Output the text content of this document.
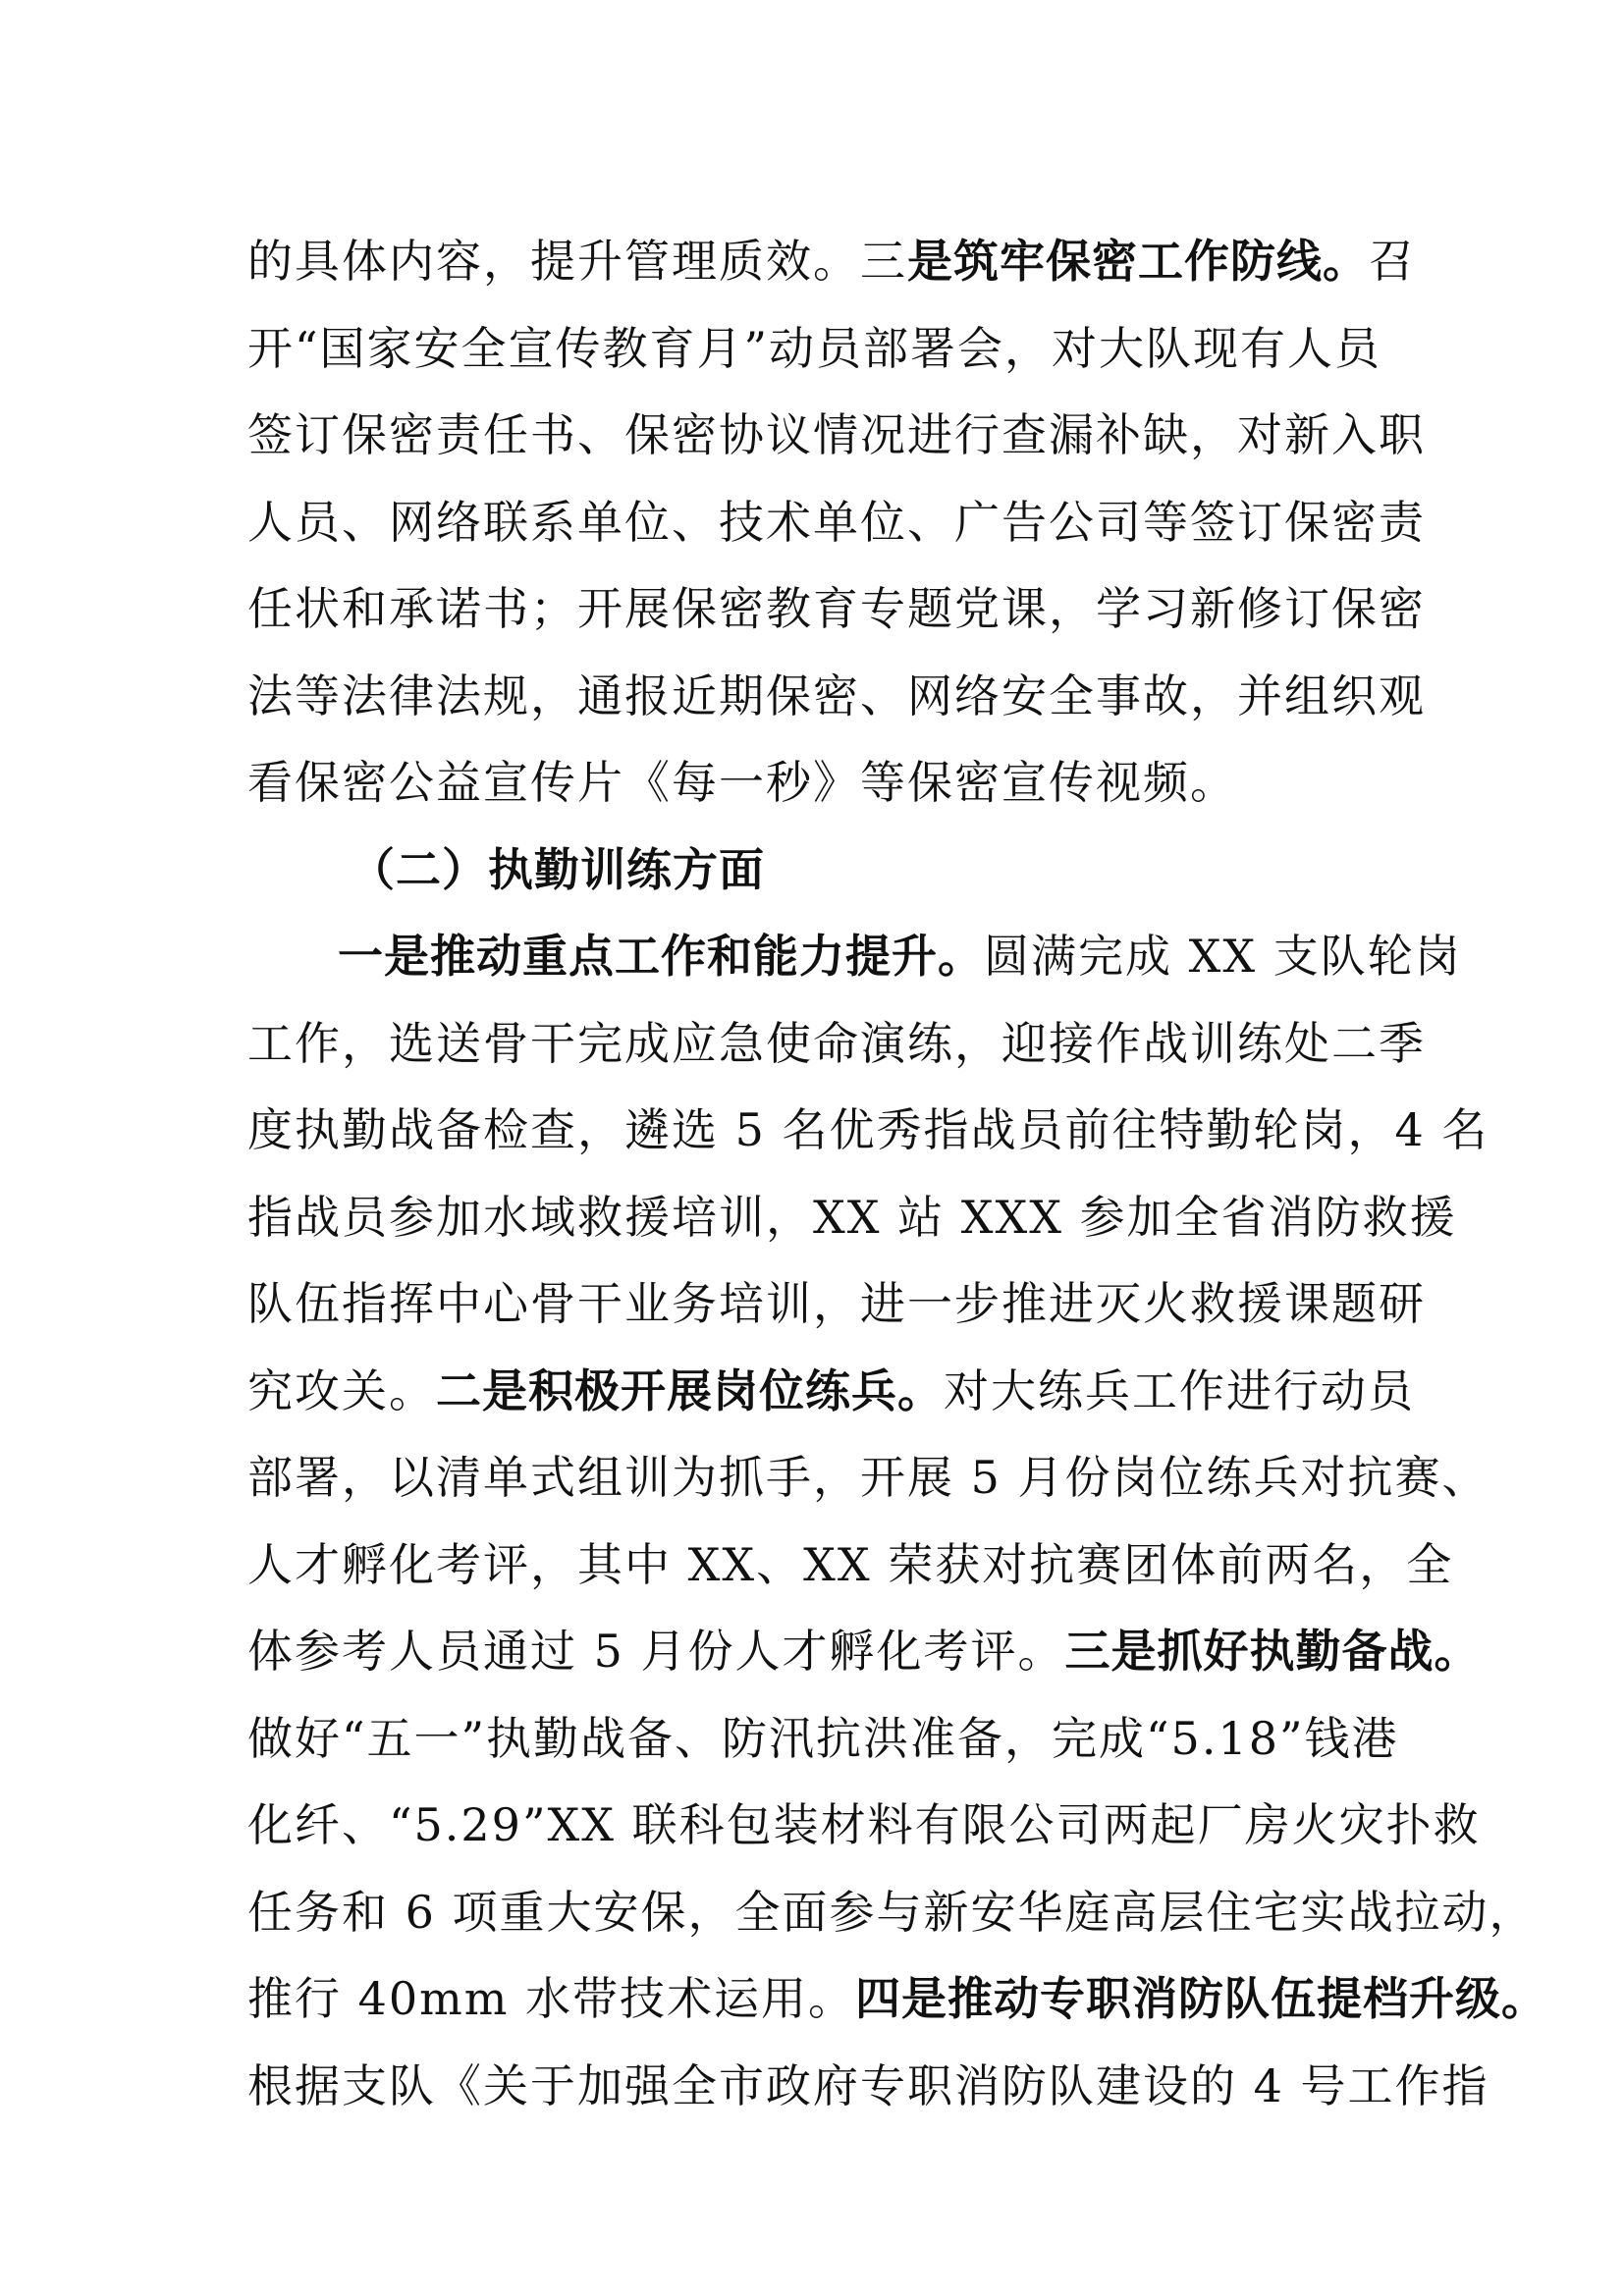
的具体内容，提升管理质效。三是筑牢保密工作防线。召
开“国家安全宣传教育月”动员部署会，对大队现有人员
签订保密责任书、保密协议情况进行查漏补缺，对新入职
人员、网络联系单位、技术单位、广告公司等签订保密责
任状和承诺书；开展保密教育专题党课，学习新修订保密
法等法律法规，通报近期保密、网络安全事故，并组织观
看保密公益宣传片《每一秒》等保密宣传视频。
（二）执勤训练方面
一是推动重点工作和能力提升。圆满完成 XX 支队轮岗
工作，选送骨干完成应急使命演练，迎接作战训练处二季
度执勤战备检查，遴选 5 名优秀指战员前往特勤轮岗，4 名
指战员参加水域救援培训，XX 站 XXX 参加全省消防救援
队伍指挥中心骨干业务培训，进一步推进灭火救援课题研
究攻关。二是积极开展岗位练兵。对大练兵工作进行动员
部署，以清单式组训为抓手，开展 5 月份岗位练兵对抗赛、
人才孵化考评，其中 XX、XX 荣获对抗赛团体前两名，全
体参考人员通过 5 月份人才孵化考评。三是抓好执勤备战。
做好“五一”执勤战备、防汛抗洪准备，完成“5.18”钱港
化纤、“5.29”XX 联科包装材料有限公司两起厂房火灾扑救
任务和 6 项重大安保，全面参与新安华庭高层住宅实战拉动，
推行 40mm 水带技术运用。四是推动专职消防队伍提档升级。
根据支队《关于加强全市政府专职消防队建设的 4 号工作指
